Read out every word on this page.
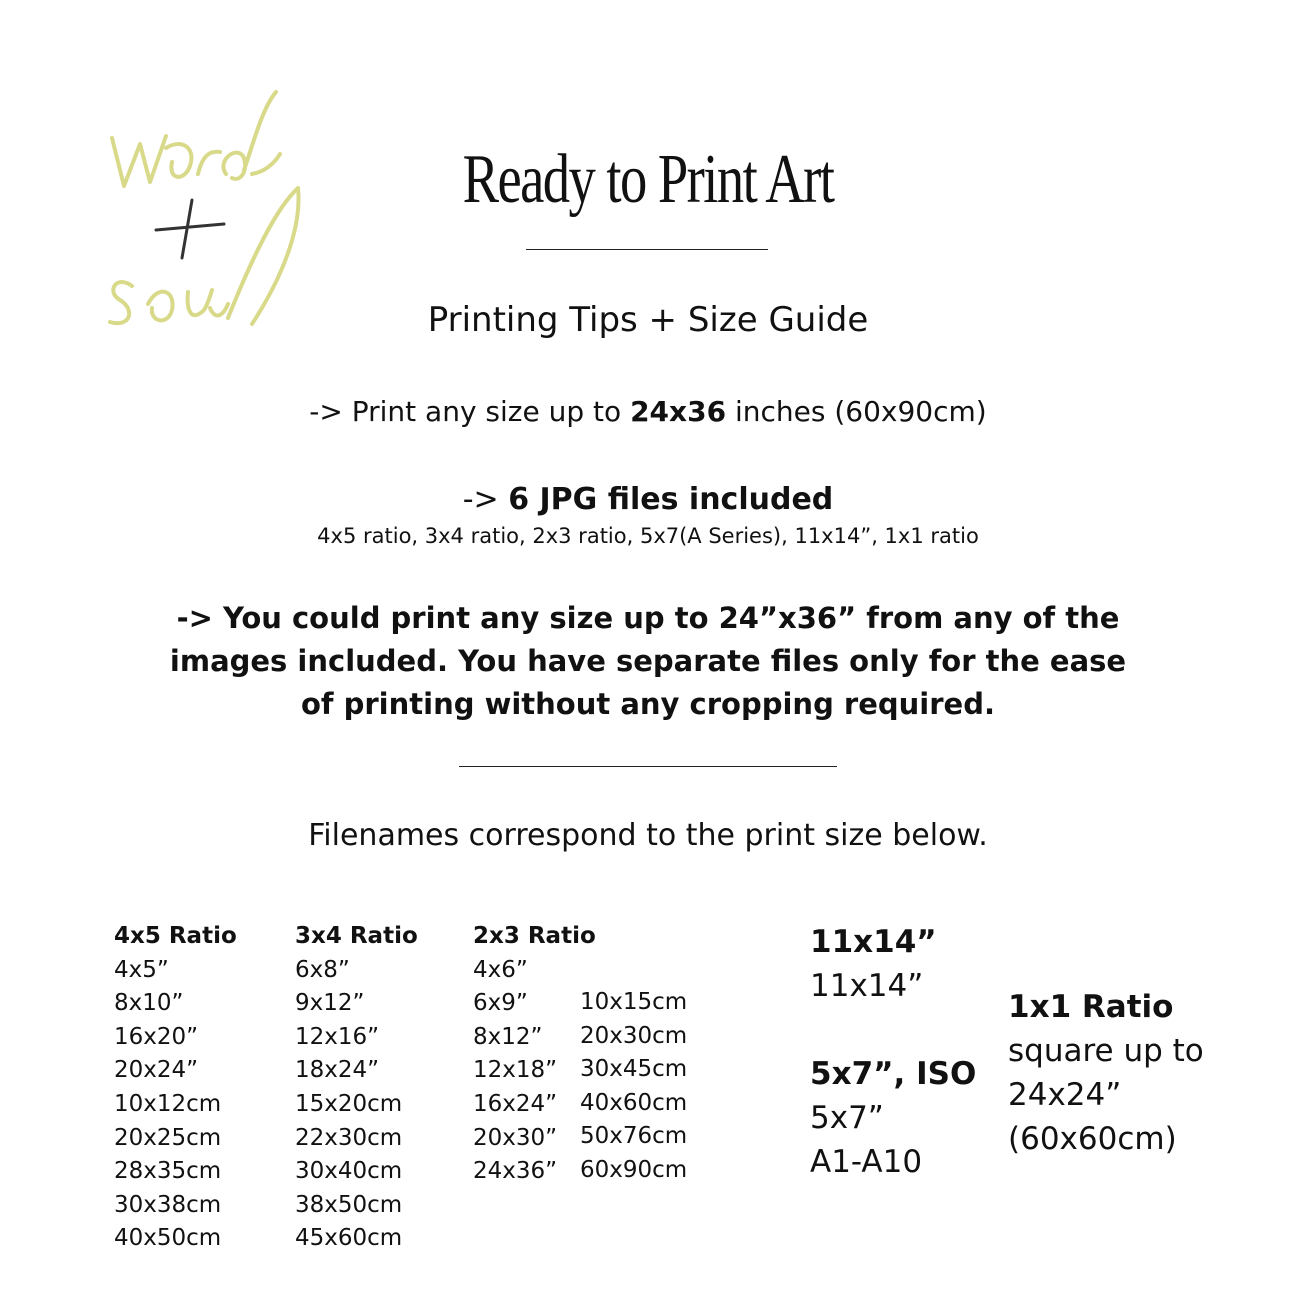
word
Ready to Print Art
Printing Tips + Size Guide
-> Print any size up to 24x36 inches (60x90cm)
-> 6 JPG files included
4x5 ratio, 3x4 ratio, 2x3 ratio, 5x7(A Series), 11x14”, 1x1 ratio
-> You could print any size up to 24”x36” from any of the
images included. You have separate files only for the ease
of printing without any cropping required.
Filenames correspond to the print size below.
4x5 Ratio
4x5”
8x10”
16x20”
20x24”
10x12cm
20x25cm
28x35cm
30x38cm
40x50cm
3x4 Ratio
6x8”
9x12”
12x16”
18x24”
15x20cm
22x30cm
30x40cm
38x50cm
45x60cm
2x3 Ratio
4x6”
6x9”
8x12”
12x18”
16x24”
20x30”
24x36”
10x15cm
20x30cm
30x45cm
40x60cm
50x76cm
60x90cm
11x14”
11x14”
5x7”, ISO
5x7”
A1-A10
1x1 Ratio
square up to
24x24”
(60x60cm)
